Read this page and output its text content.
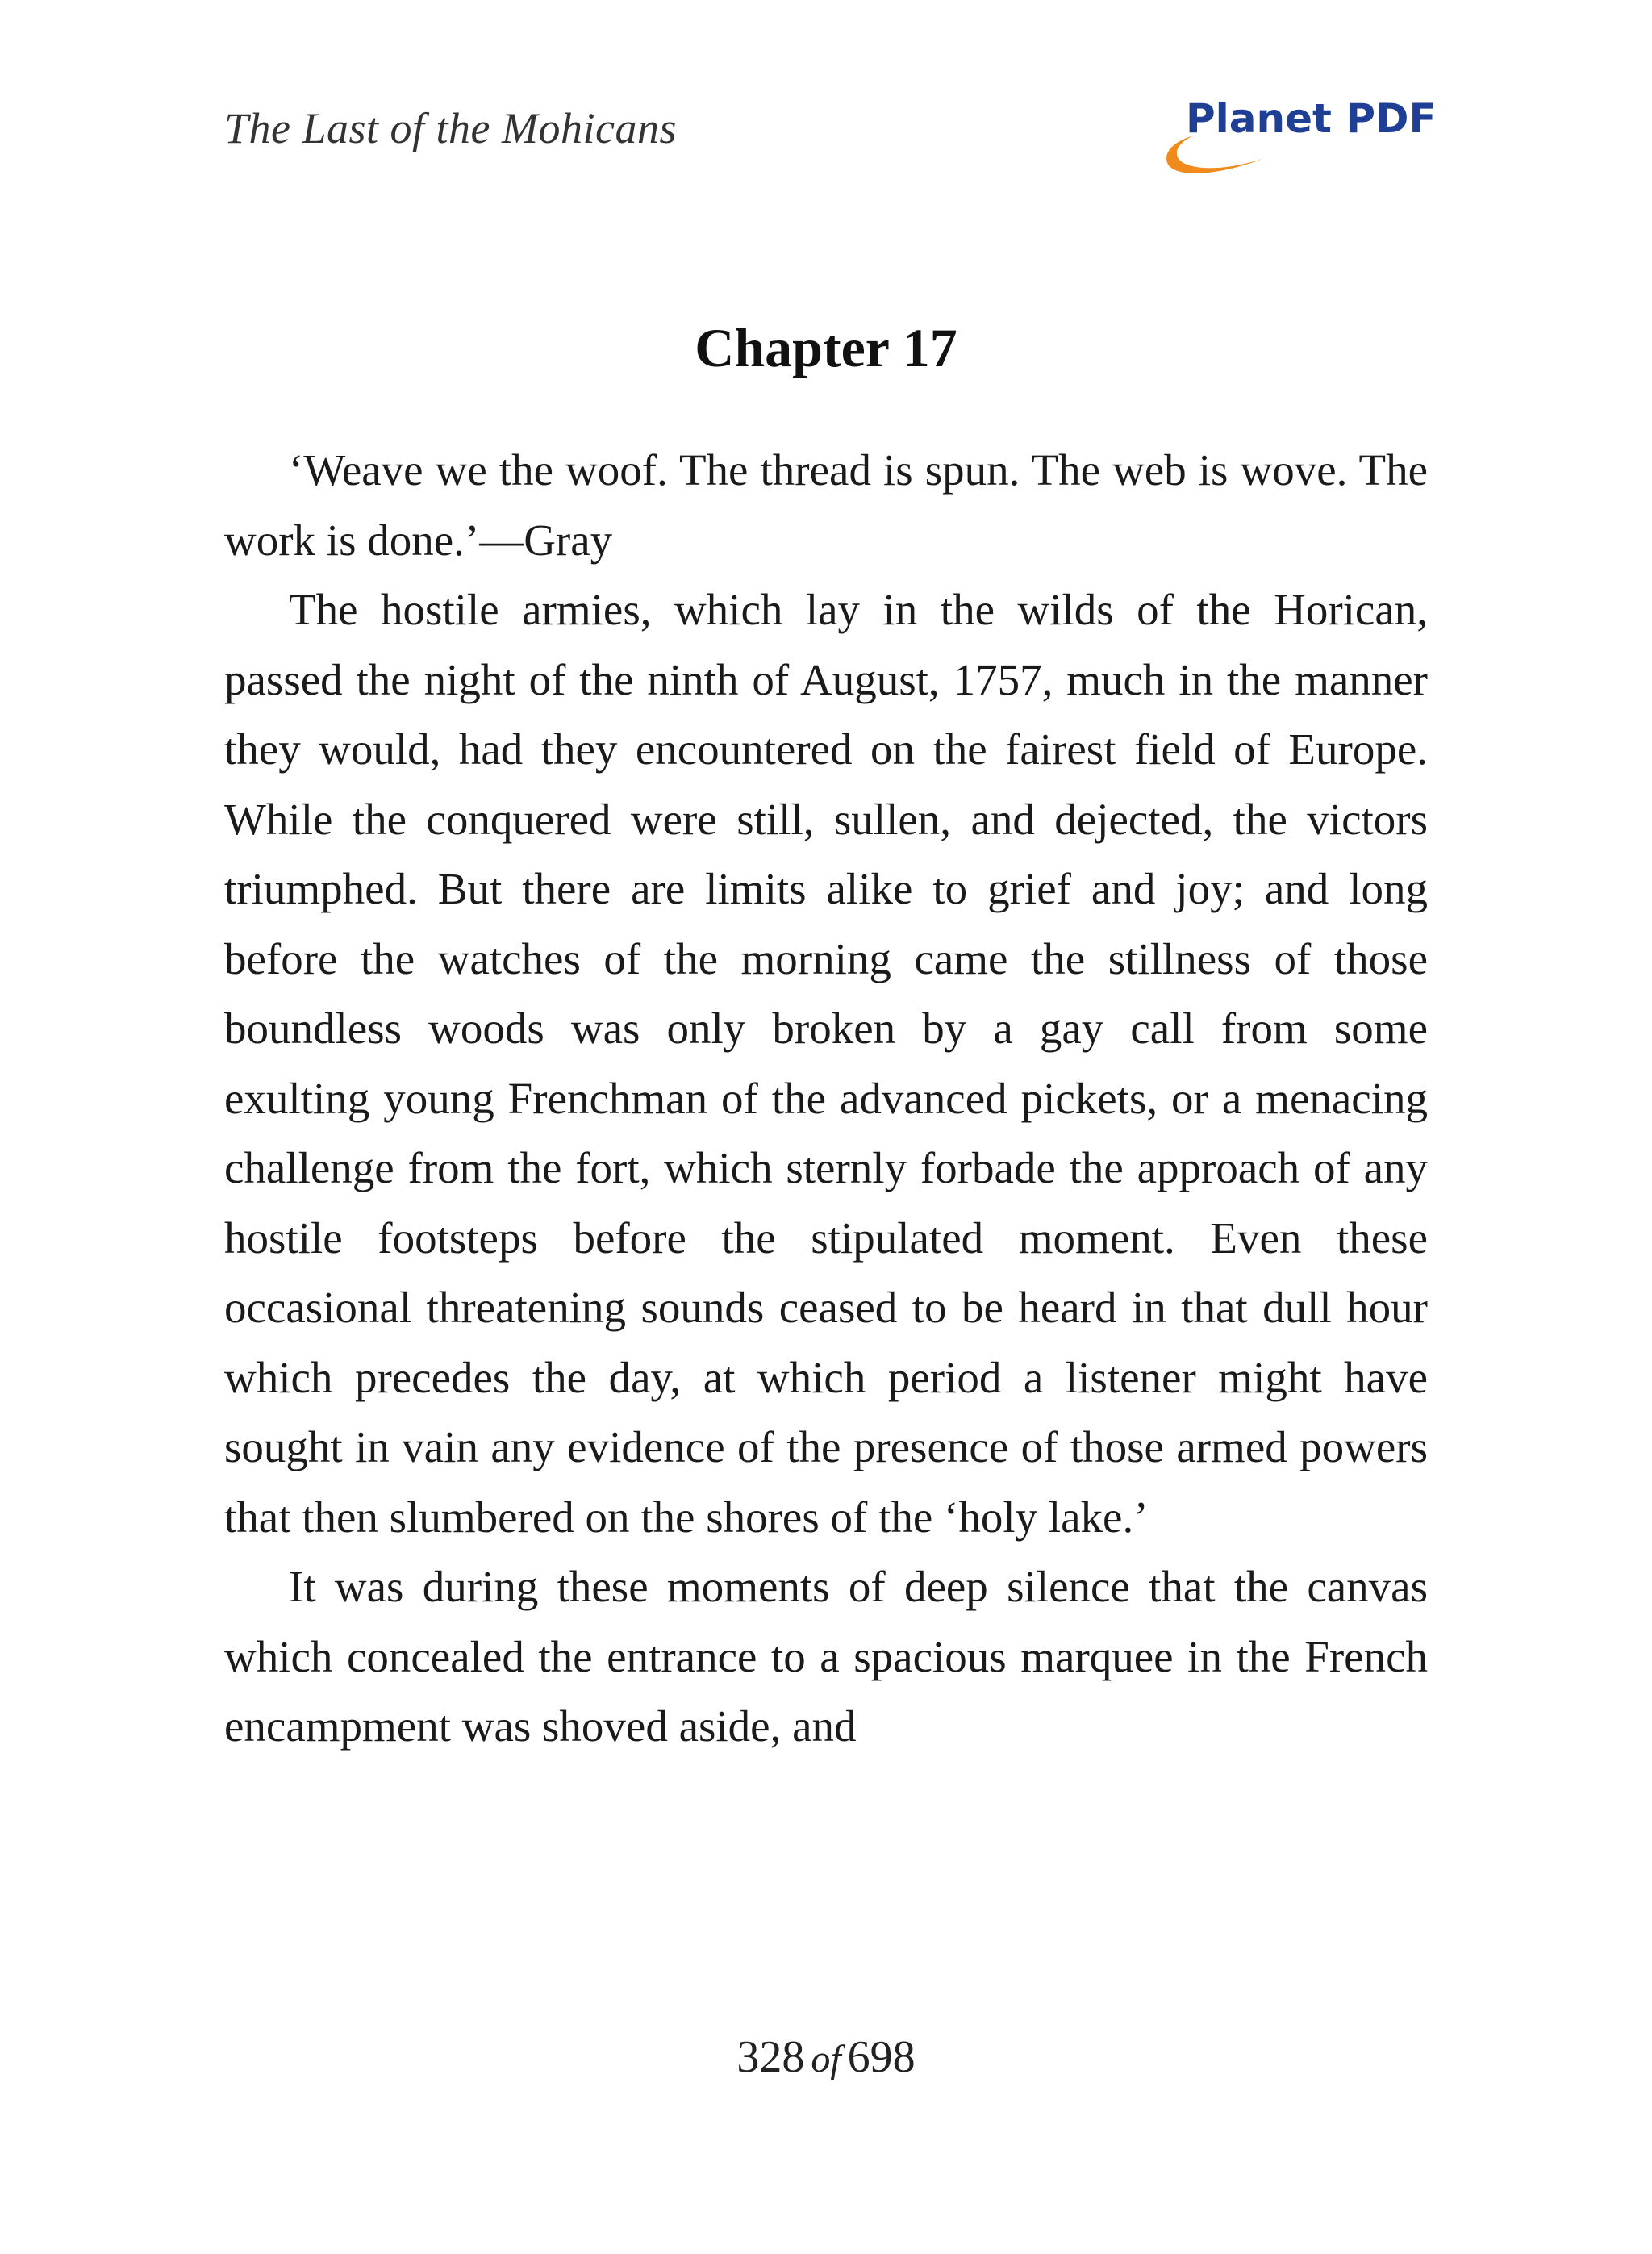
The Last of the Mohicans	Planet PDF
Chapter 17

‘Weave we the woof. The thread is spun. The web is wove. The work is done.’—Gray

The hostile armies, which lay in the wilds of the Horican, passed the night of the ninth of August, 1757, much in the manner they would, had they encountered on the fairest field of Europe. While the conquered were still, sullen, and dejected, the victors triumphed. But there are limits alike to grief and joy; and long before the watches of the morning came the stillness of those boundless woods was only broken by a gay call from some exulting young Frenchman of the advanced pickets, or a menacing challenge from the fort, which sternly forbade the approach of any hostile footsteps before the stipulated moment. Even these occasional threatening sounds ceased to be heard in that dull hour which precedes the day, at which period a listener might have sought in vain any evidence of the presence of those armed powers that then slumbered on the shores of the ‘holy lake.’

It was during these moments of deep silence that the canvas which concealed the entrance to a spacious marquee in the French encampment was shoved aside, and

328 of 698
